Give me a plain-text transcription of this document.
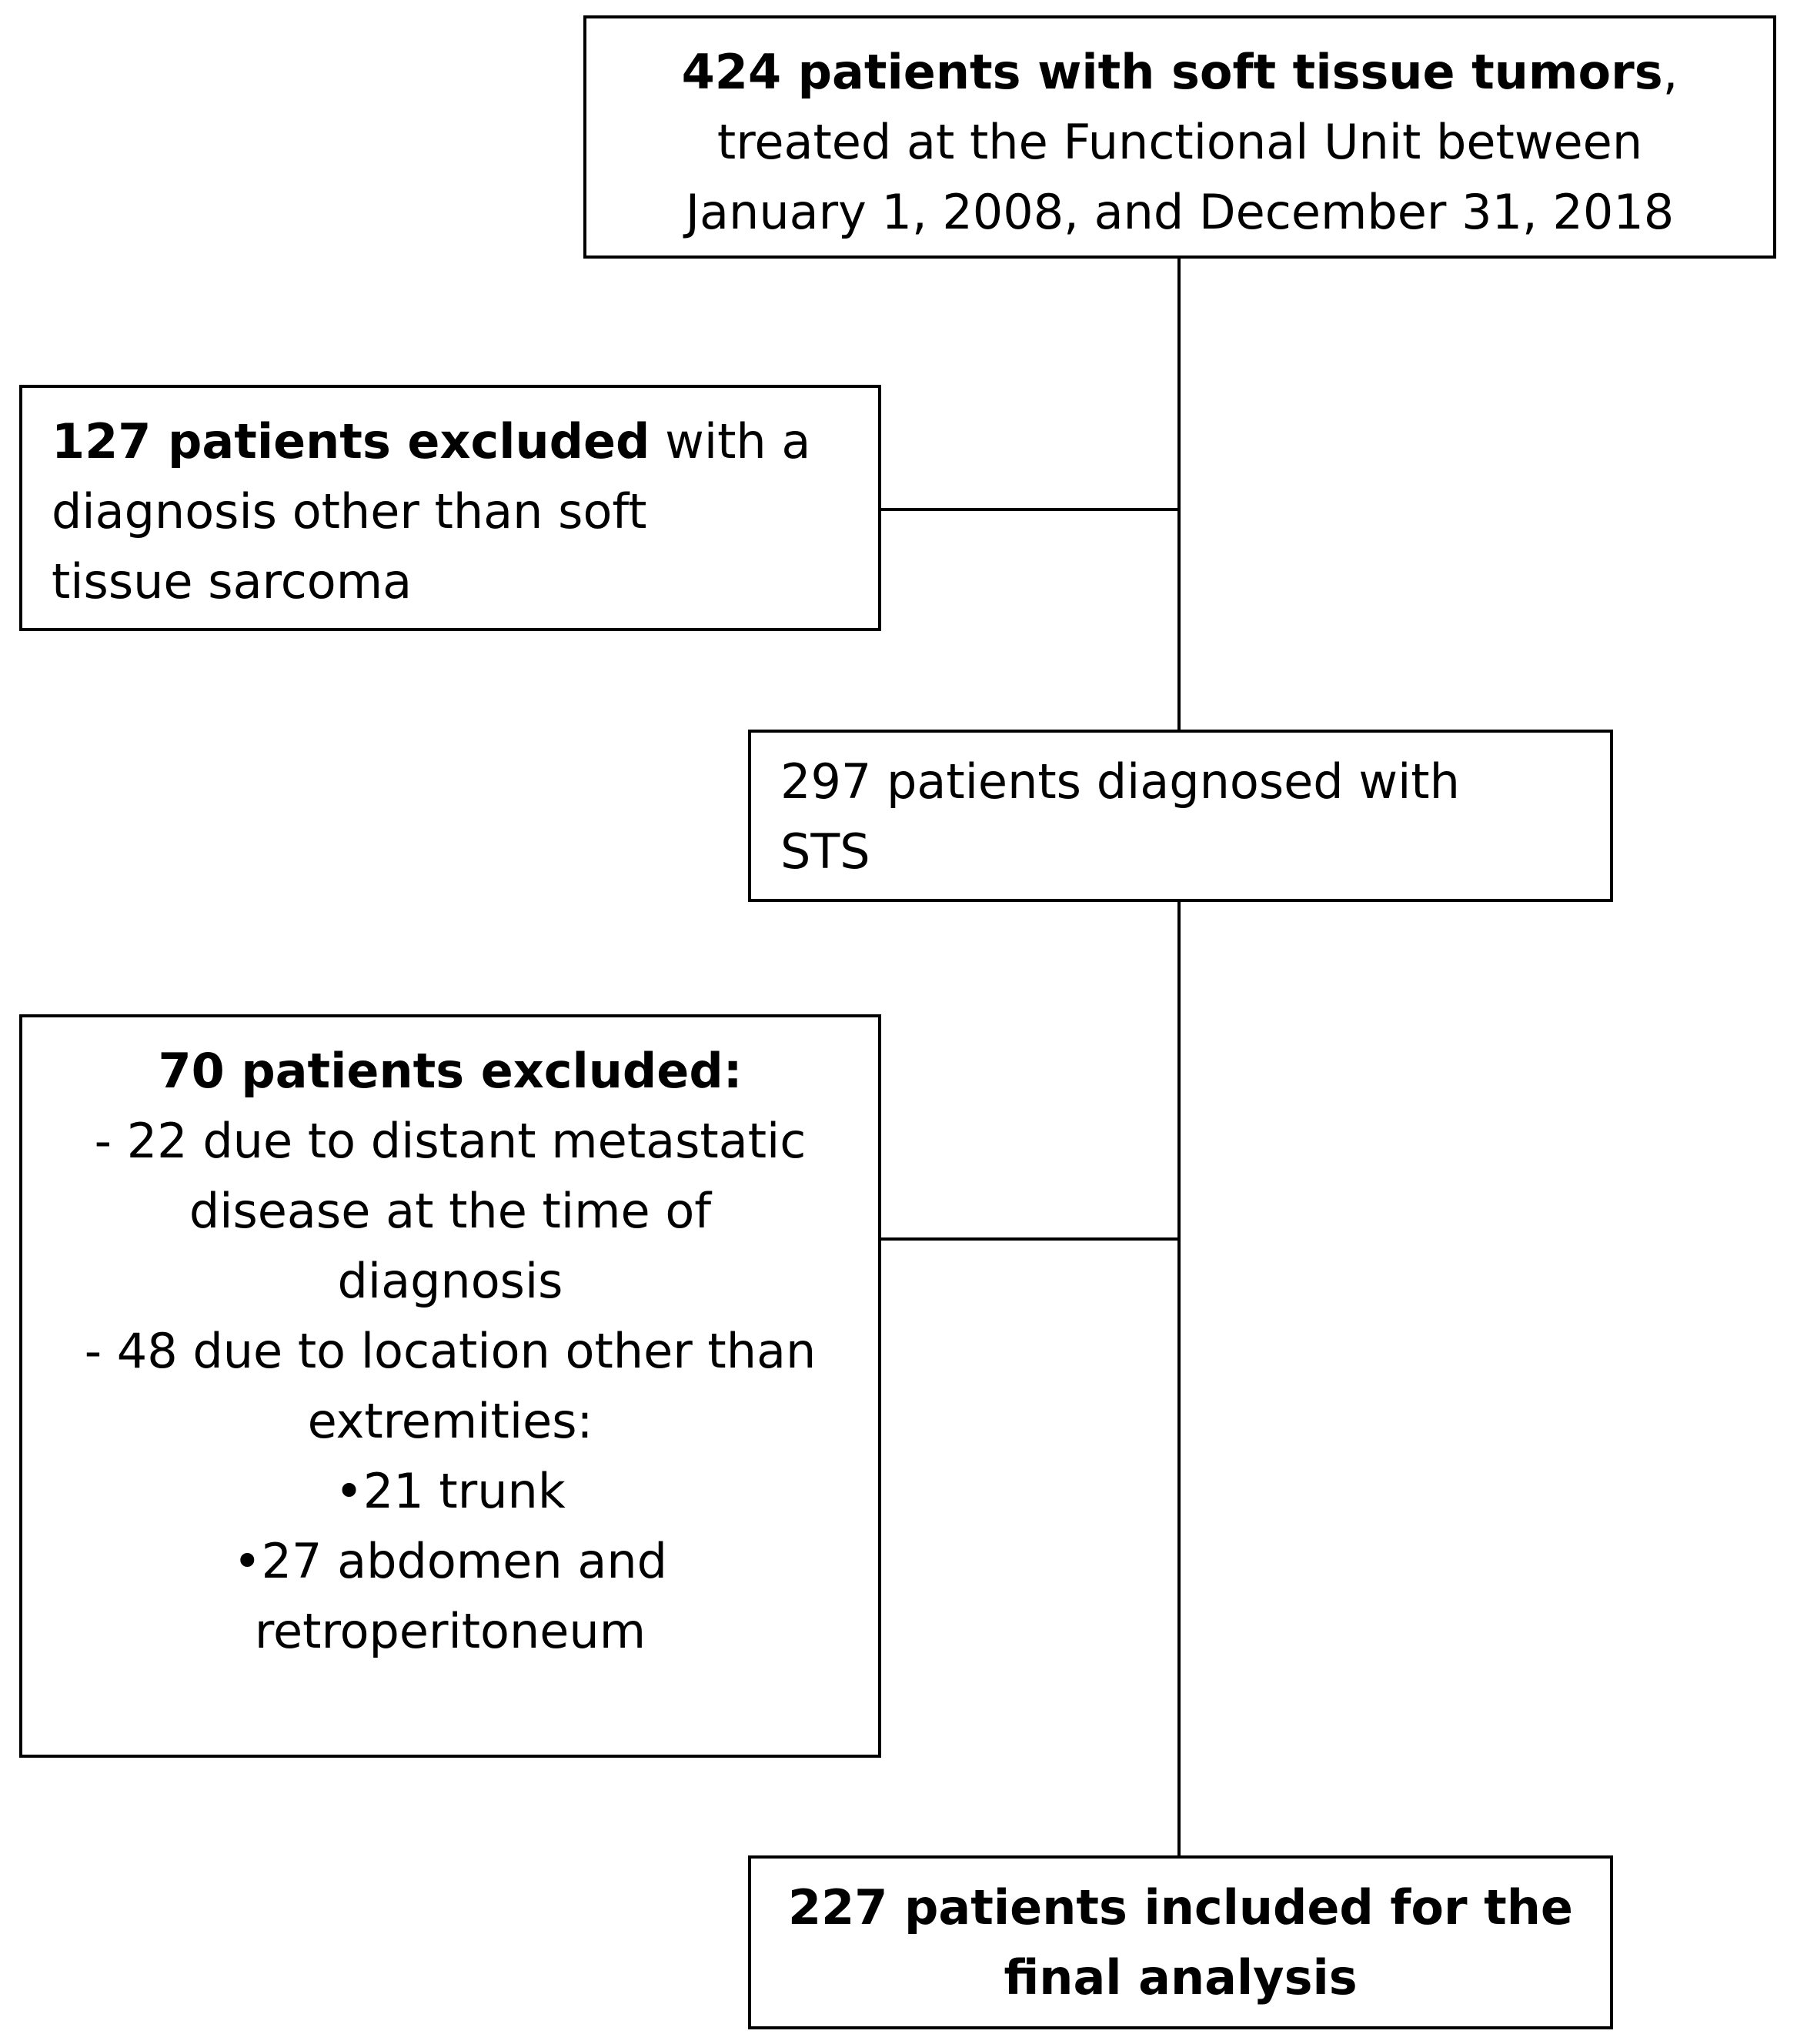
424 patients with soft tissue tumors,
treated at the Functional Unit between
January 1, 2008, and December 31, 2018
127 patients excluded with a
diagnosis other than soft
tissue sarcoma
297 patients diagnosed with
STS
70 patients excluded:
- 22 due to distant metastatic
disease at the time of
diagnosis
- 48 due to location other than
extremities:
•21 trunk
•27 abdomen and
retroperitoneum
227 patients included for the
final analysis
